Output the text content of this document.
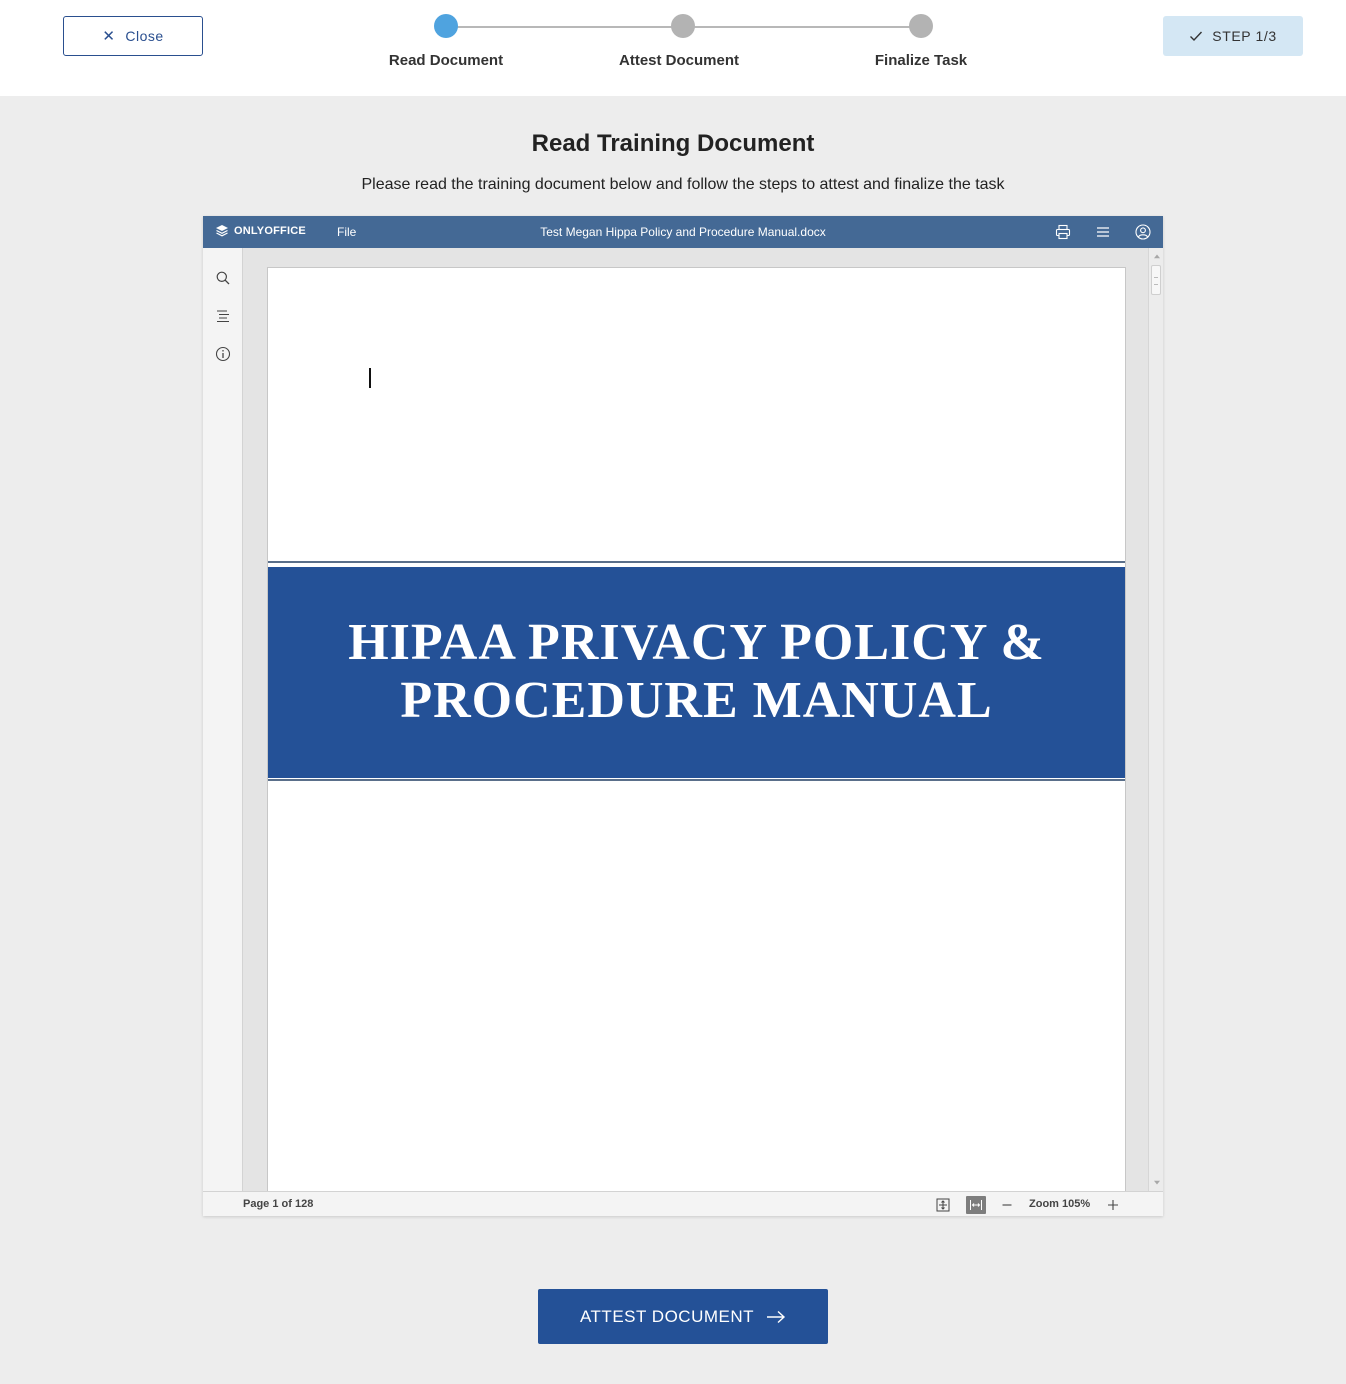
✕ Close
Read Document	Attest Document	Finalize Task
STEP 1/3
Read Training Document
Please read the training document below and follow the steps to attest and finalize the task
ONLYOFFICE	File	Test Megan Hippa Policy and Procedure Manual.docx
HIPAA PRIVACY POLICY & PROCEDURE MANUAL
Page 1 of 128	Zoom 105%
ATTEST DOCUMENT
